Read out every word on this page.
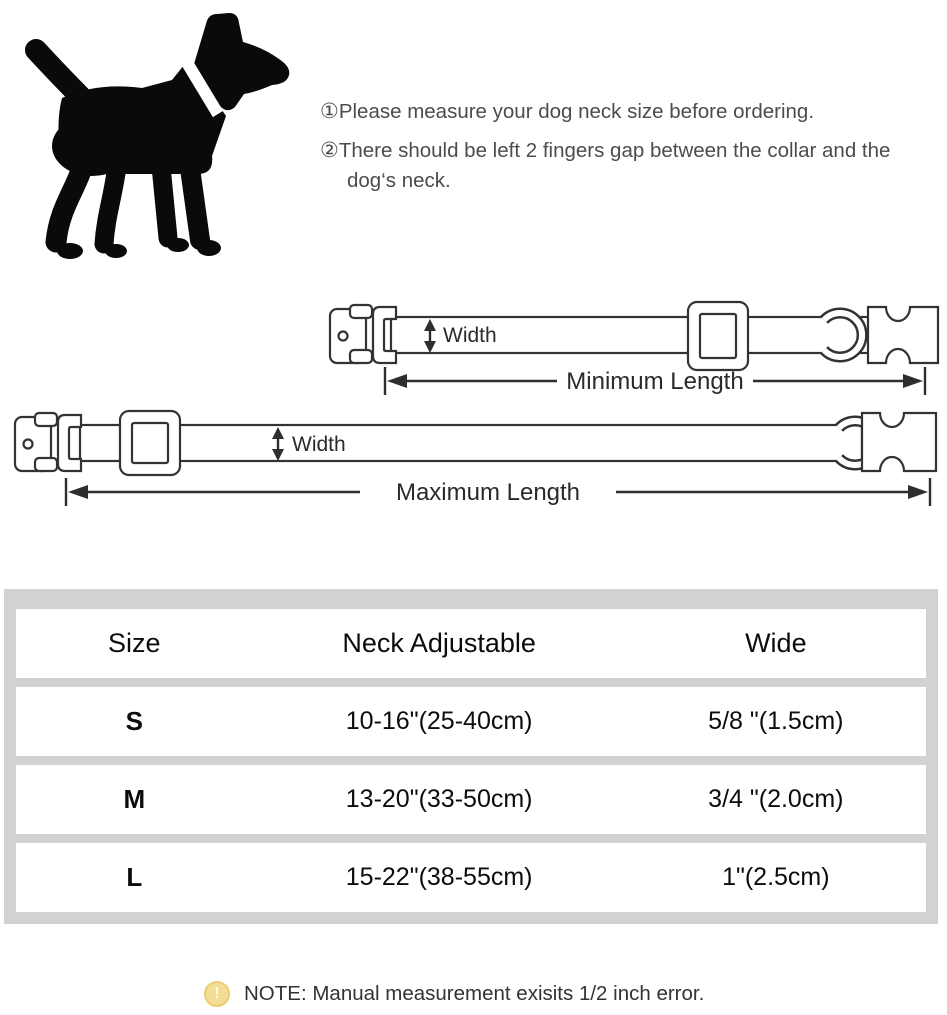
①Please measure your dog neck size before ordering.
②There should be left 2 fingers gap between the collar and the dog‘s neck.
Width
Minimum Length
Width
Maximum Length
Size	Neck Adjustable	Wide
S	10-16"(25-40cm)	5/8 "(1.5cm)
M	13-20"(33-50cm)	3/4 "(2.0cm)
L	15-22"(38-55cm)	1"(2.5cm)
!	NOTE: Manual measurement exisits 1/2 inch error.
